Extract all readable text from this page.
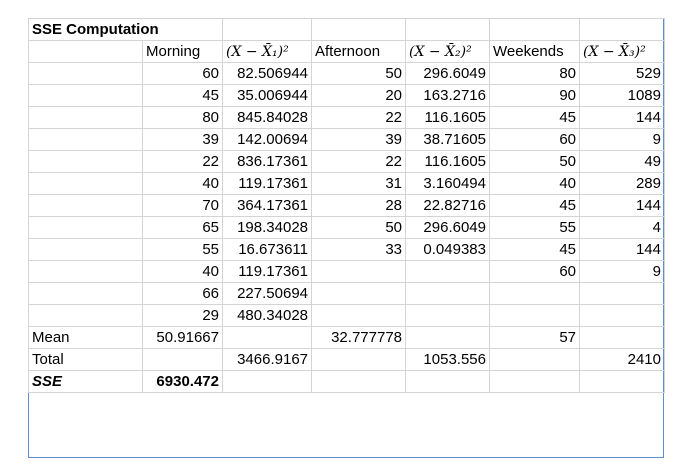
SSE Computation						
	Morning	(X − X̄₁)²	Afternoon	(X − X̄₂)²	Weekends	(X − X̄₃)²
	60	82.506944	50	296.6049	80	529
	45	35.006944	20	163.2716	90	1089
	80	845.84028	22	116.1605	45	144
	39	142.00694	39	38.71605	60	9
	22	836.17361	22	116.1605	50	49
	40	119.17361	31	3.160494	40	289
	70	364.17361	28	22.82716	45	144
	65	198.34028	50	296.6049	55	4
	55	16.673611	33	0.049383	45	144
	40	119.17361			60	9
	66	227.50694				
	29	480.34028				
Mean	50.91667		32.777778		57	
Total		3466.9167		1053.556		2410
SSE	6930.472					
